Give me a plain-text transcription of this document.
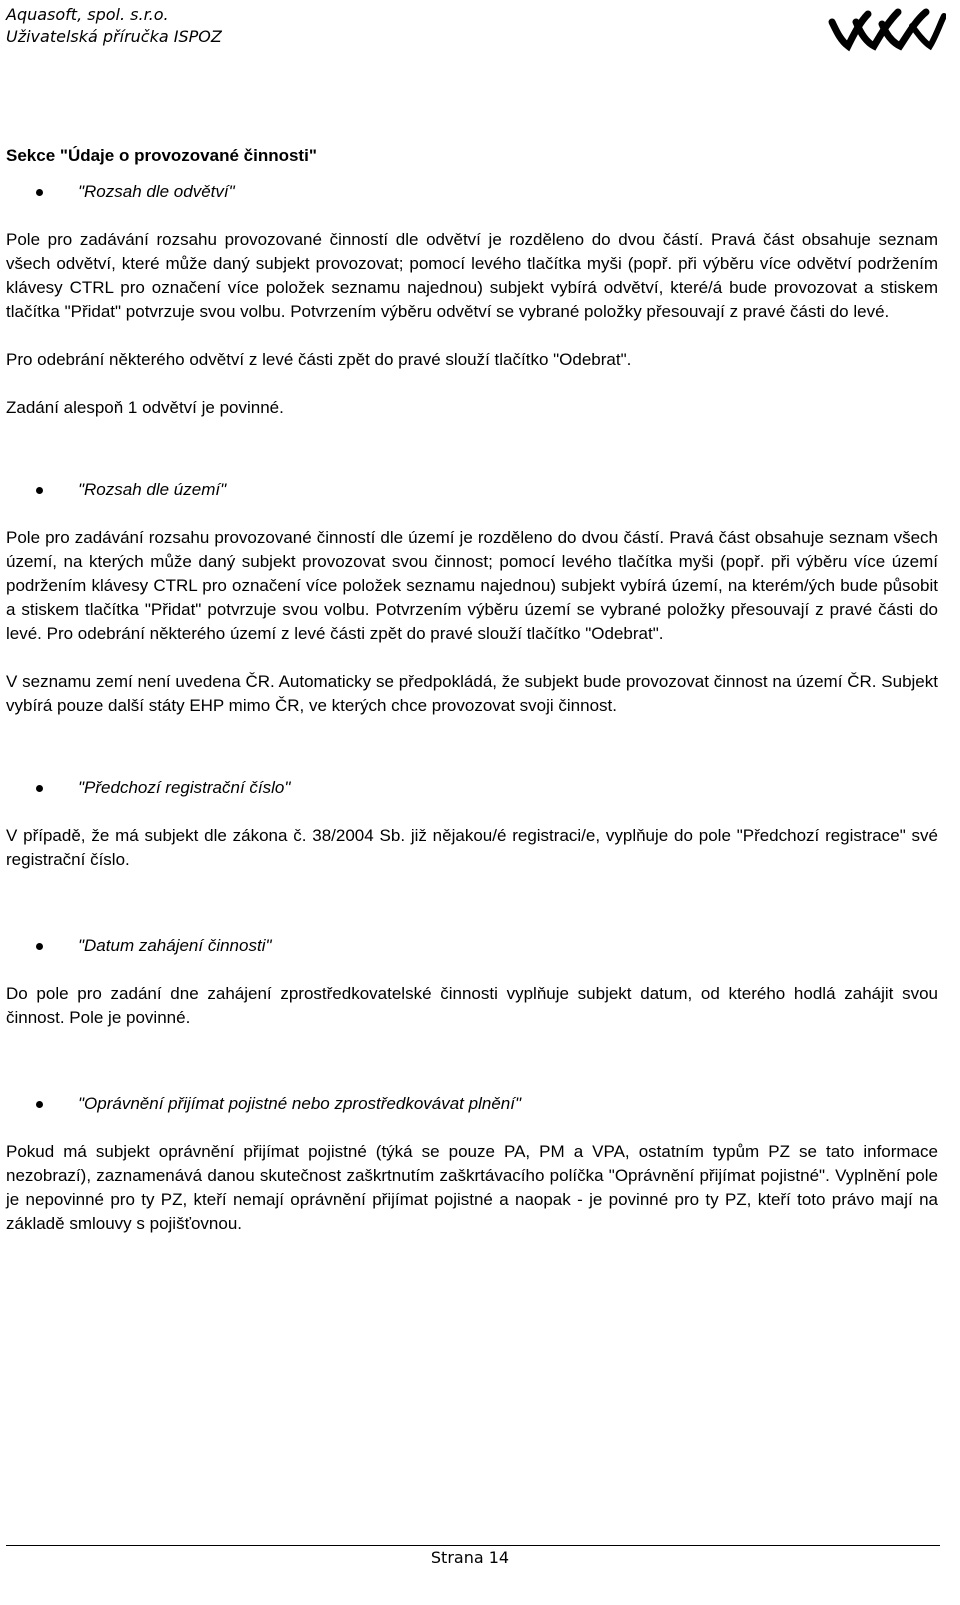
Aquasoft, spol. s.r.o.
Uživatelská příručka ISPOZ
Sekce "Údaje o provozované činnosti"
"Rozsah dle odvětví"

Pole pro zadávání rozsahu provozované činností dle odvětví je rozděleno do dvou částí. Pravá část obsahuje seznam všech odvětví, které může daný subjekt provozovat; pomocí levého tlačítka myši (popř. při výběru více odvětví podržením klávesy CTRL pro označení více položek seznamu najednou) subjekt vybírá odvětví, které/á bude provozovat a stiskem tlačítka "Přidat" potvrzuje svou volbu. Potvrzením výběru odvětví se vybrané položky přesouvají z pravé části do levé.

Pro odebrání některého odvětví z levé části zpět do pravé slouží tlačítko "Odebrat".

Zadání alespoň 1 odvětví je povinné.

"Rozsah dle území"

Pole pro zadávání rozsahu provozované činností dle území je rozděleno do dvou částí. Pravá část obsahuje seznam všech území, na kterých může daný subjekt provozovat svou činnost; pomocí levého tlačítka myši (popř. při výběru více území podržením klávesy CTRL pro označení více položek seznamu najednou) subjekt vybírá území, na kterém/ých bude působit a stiskem tlačítka "Přidat" potvrzuje svou volbu. Potvrzením výběru území se vybrané položky přesouvají z pravé části do levé. Pro odebrání některého území z levé části zpět do pravé slouží tlačítko "Odebrat".

V seznamu zemí není uvedena ČR. Automaticky se předpokládá, že subjekt bude provozovat činnost na území ČR. Subjekt vybírá pouze další státy EHP mimo ČR, ve kterých chce provozovat svoji činnost.

"Předchozí registrační číslo"

V případě, že má subjekt dle zákona č. 38/2004 Sb. již nějakou/é registraci/e, vyplňuje do pole "Předchozí registrace" své registrační číslo.

"Datum zahájení činnosti"

Do pole pro zadání dne zahájení zprostředkovatelské činnosti vyplňuje subjekt datum, od kterého hodlá zahájit svou činnost. Pole je povinné.

"Oprávnění přijímat pojistné nebo zprostředkovávat plnění"

Pokud má subjekt oprávnění přijímat pojistné (týká se pouze PA, PM a VPA, ostatním typům PZ se tato informace nezobrazí), zaznamenává danou skutečnost zaškrtnutím zaškrtávacího políčka "Oprávnění přijímat pojistné". Vyplnění pole je nepovinné pro ty PZ, kteří nemají oprávnění přijímat pojistné a naopak - je povinné pro ty PZ, kteří toto právo mají na základě smlouvy s pojišťovnou.

Strana 14
